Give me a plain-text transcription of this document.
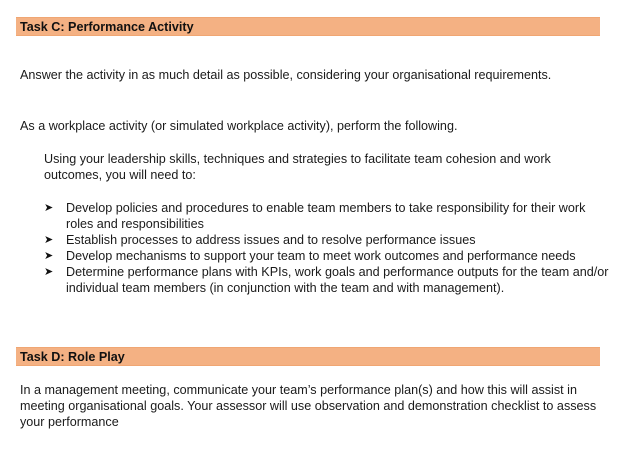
Task C: Performance Activity
Answer the activity in as much detail as possible, considering your organisational requirements.
As a workplace activity (or simulated workplace activity), perform the following.
Using your leadership skills, techniques and strategies to facilitate team cohesion and work outcomes, you will need to:
➤ Develop policies and procedures to enable team members to take responsibility for their work roles and responsibilities
➤ Establish processes to address issues and to resolve performance issues
➤ Develop mechanisms to support your team to meet work outcomes and performance needs
➤ Determine performance plans with KPIs, work goals and performance outputs for the team and/or individual team members (in conjunction with the team and with management).
Task D: Role Play
In a management meeting, communicate your team’s performance plan(s) and how this will assist in meeting organisational goals. Your assessor will use observation and demonstration checklist to assess your performance
